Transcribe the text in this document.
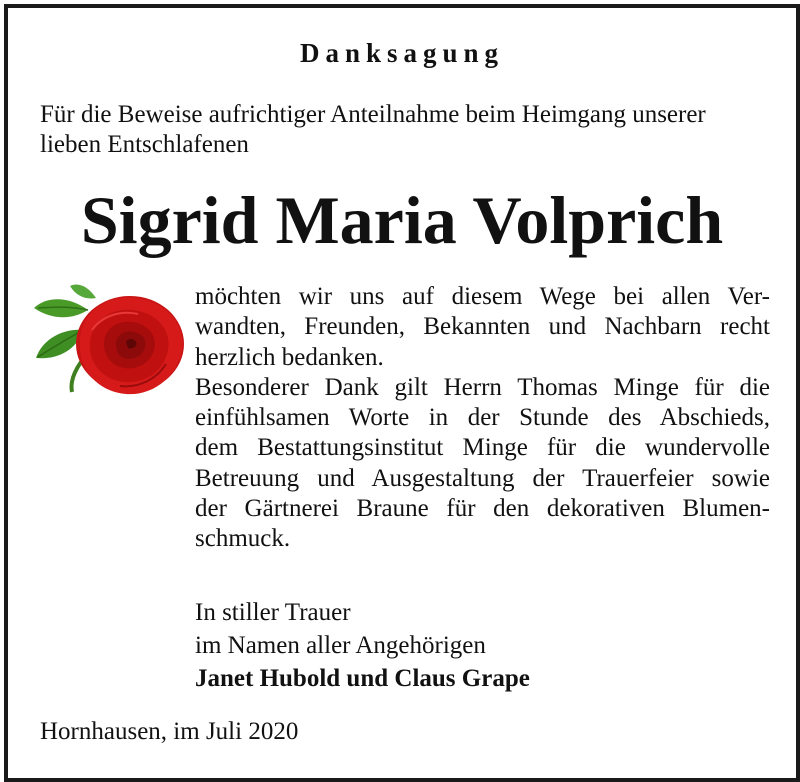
Danksagung
Für die Beweise aufrichtiger Anteilnahme beim Heimgang unserer
lieben Entschlafenen
Sigrid Maria Volprich
möchten wir uns auf diesem Wege bei allen Ver-
wandten, Freunden, Bekannten und Nachbarn recht
herzlich bedanken.
Besonderer Dank gilt Herrn Thomas Minge für die
einfühlsamen Worte in der Stunde des Abschieds,
dem Bestattungsinstitut Minge für die wundervolle
Betreuung und Ausgestaltung der Trauerfeier sowie
der Gärtnerei Braune für den dekorativen Blumen-
schmuck.
In stiller Trauer
im Namen aller Angehörigen
Janet Hubold und Claus Grape
Hornhausen, im Juli 2020
